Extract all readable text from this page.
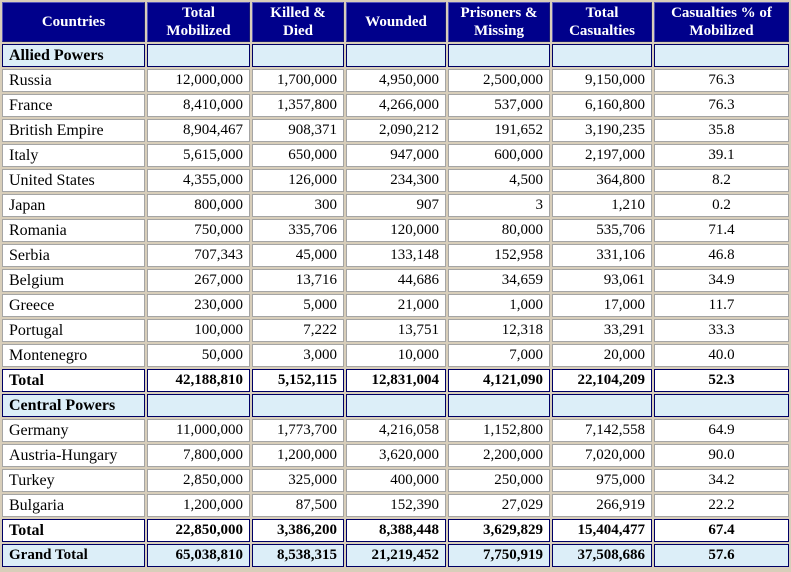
Countries	Total Mobilized	Killed & Died	Wounded	Prisoners & Missing	Total Casualties	Casualties % of Mobilized
Allied Powers						
Russia	12,000,000	1,700,000	4,950,000	2,500,000	9,150,000	76.3
France	8,410,000	1,357,800	4,266,000	537,000	6,160,800	76.3
British Empire	8,904,467	908,371	2,090,212	191,652	3,190,235	35.8
Italy	5,615,000	650,000	947,000	600,000	2,197,000	39.1
United States	4,355,000	126,000	234,300	4,500	364,800	8.2
Japan	800,000	300	907	3	1,210	0.2
Romania	750,000	335,706	120,000	80,000	535,706	71.4
Serbia	707,343	45,000	133,148	152,958	331,106	46.8
Belgium	267,000	13,716	44,686	34,659	93,061	34.9
Greece	230,000	5,000	21,000	1,000	17,000	11.7
Portugal	100,000	7,222	13,751	12,318	33,291	33.3
Montenegro	50,000	3,000	10,000	7,000	20,000	40.0
Total	42,188,810	5,152,115	12,831,004	4,121,090	22,104,209	52.3
Central Powers						
Germany	11,000,000	1,773,700	4,216,058	1,152,800	7,142,558	64.9
Austria-Hungary	7,800,000	1,200,000	3,620,000	2,200,000	7,020,000	90.0
Turkey	2,850,000	325,000	400,000	250,000	975,000	34.2
Bulgaria	1,200,000	87,500	152,390	27,029	266,919	22.2
Total	22,850,000	3,386,200	8,388,448	3,629,829	15,404,477	67.4
Grand Total	65,038,810	8,538,315	21,219,452	7,750,919	37,508,686	57.6
